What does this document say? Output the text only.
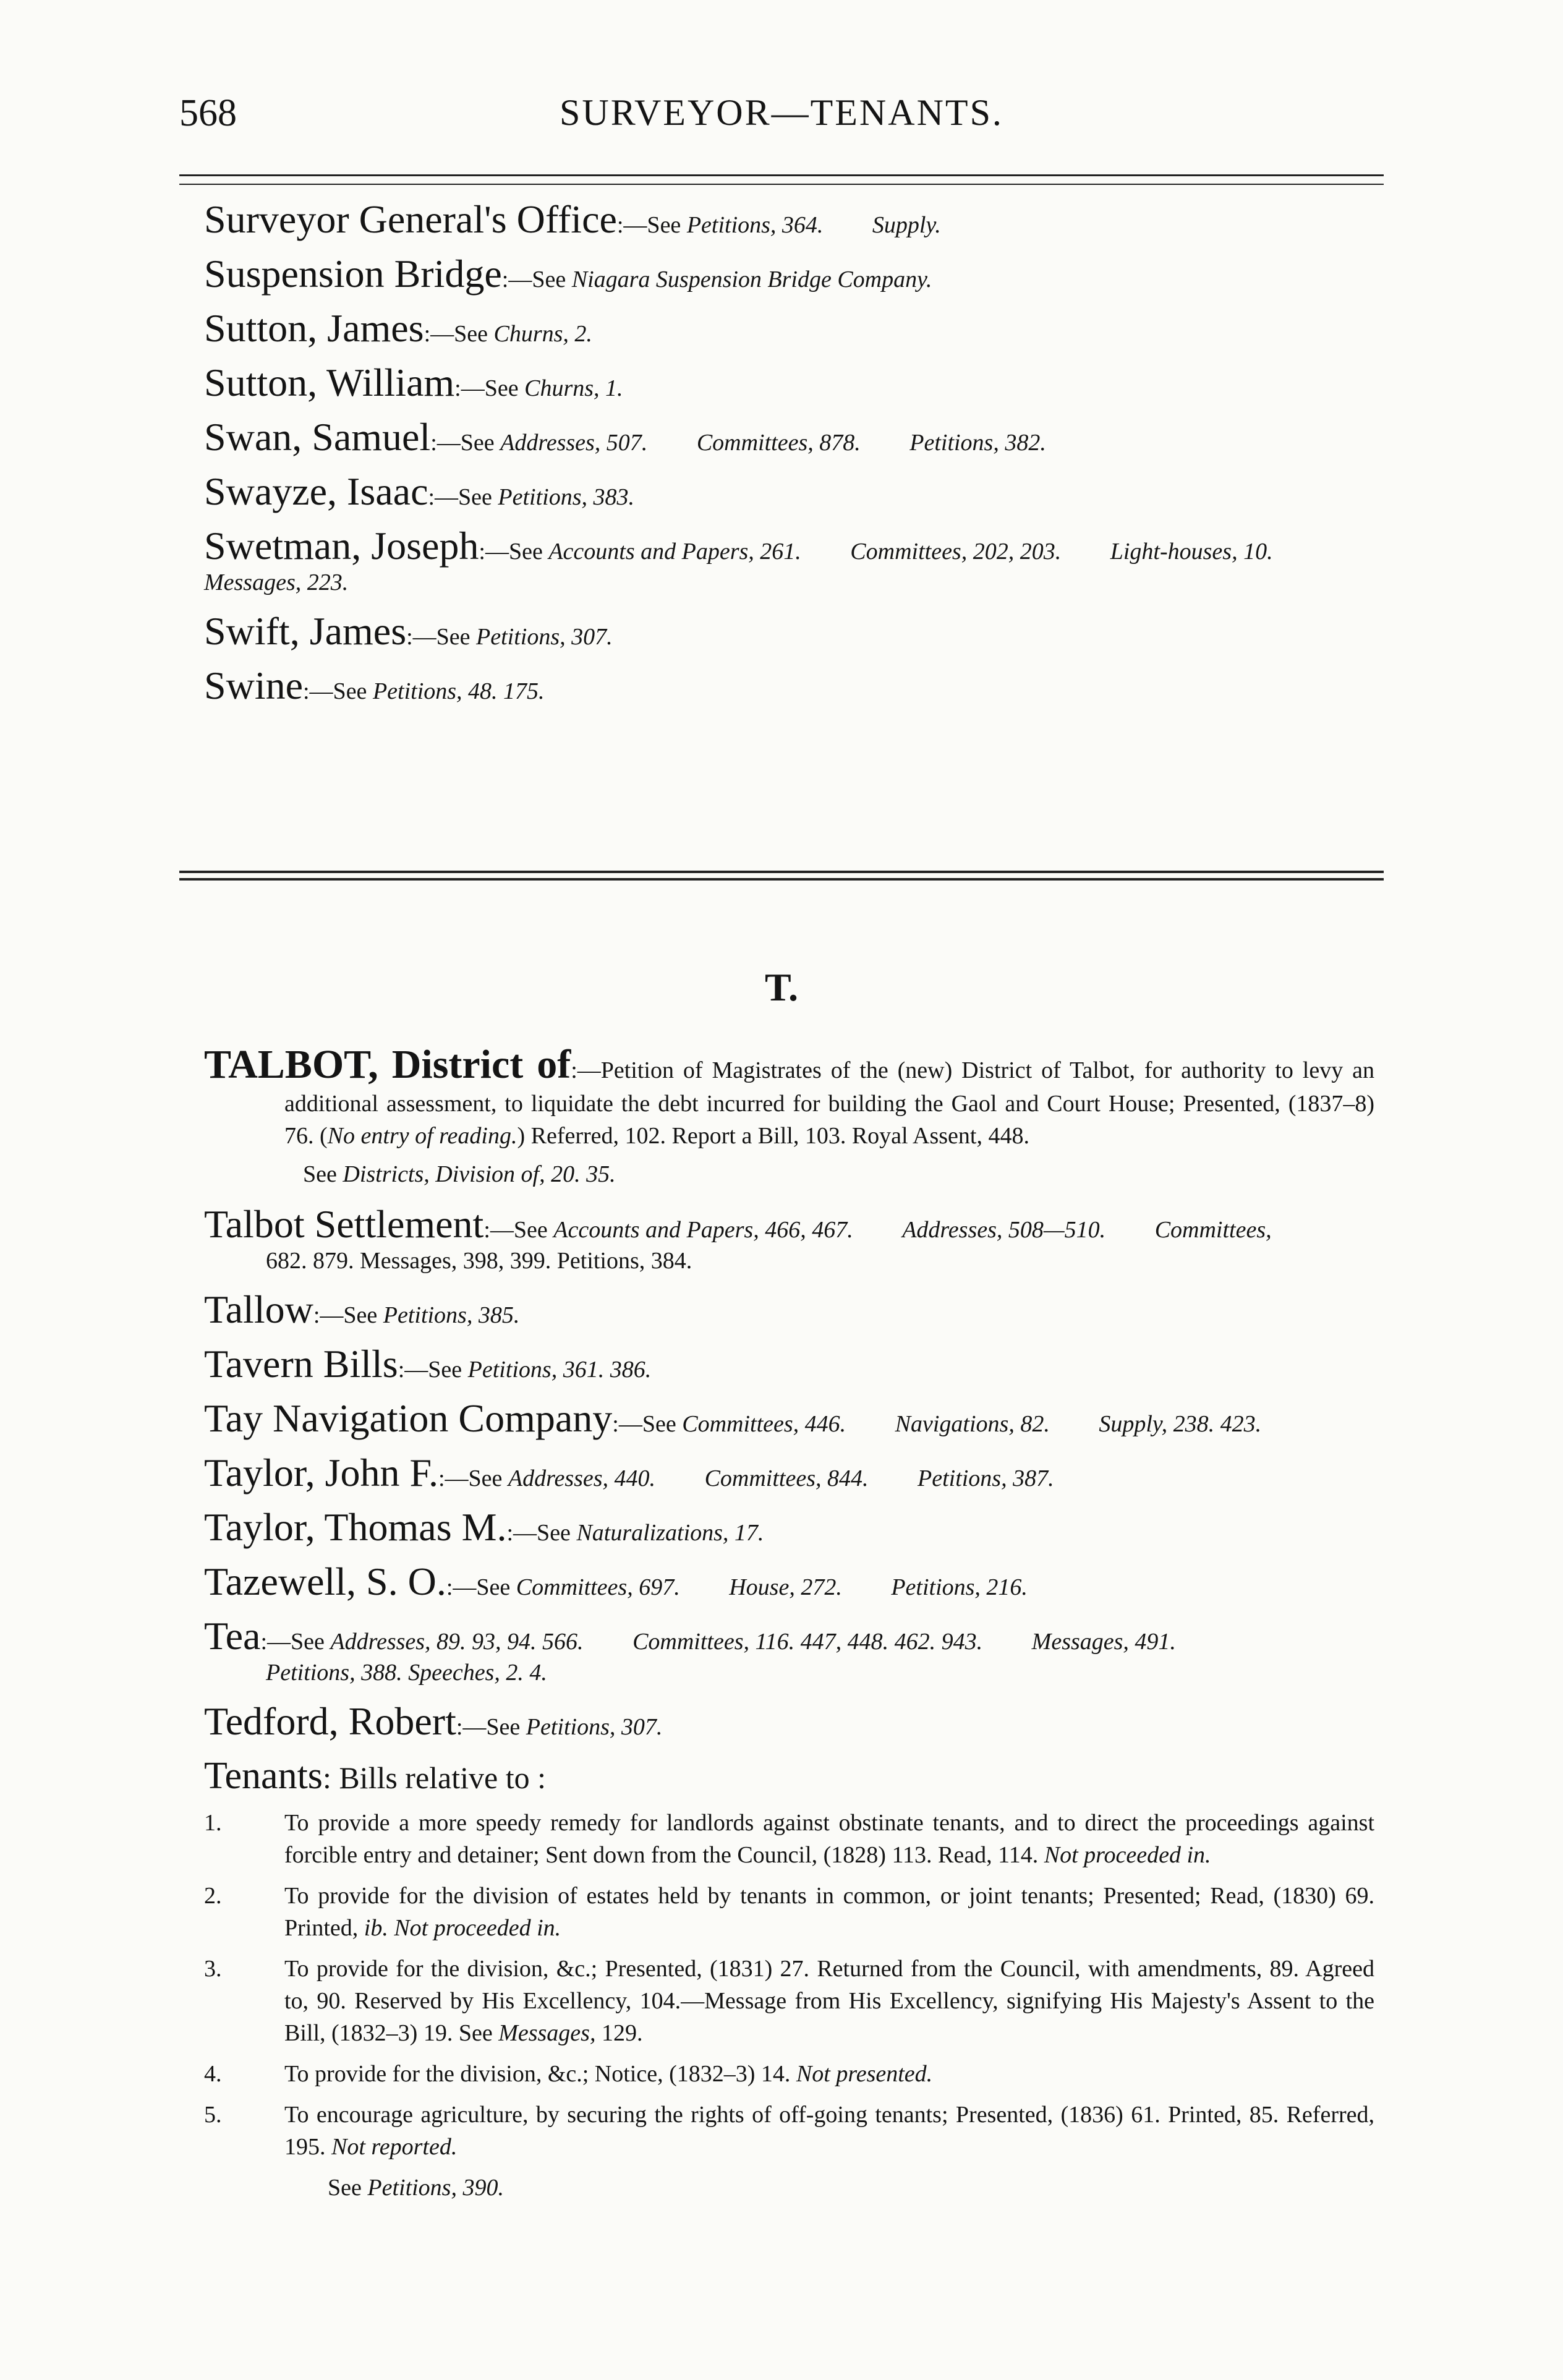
568	SURVEYOR—TENANTS.
Surveyor General's Office:—See Petitions, 364. Supply.
Suspension Bridge:—See Niagara Suspension Bridge Company.
Sutton, James:—See Churns, 2.
Sutton, William:—See Churns, 1.
Swan, Samuel:—See Addresses, 507. Committees, 878. Petitions, 382.
Swayze, Isaac:—See Petitions, 383.
Swetman, Joseph:—See Accounts and Papers, 261. Committees, 202, 203. Light-houses, 10.
Messages, 223.
Swift, James:—See Petitions, 307.
Swine:—See Petitions, 48. 175.
T.
TALBOT, District of:—Petition of Magistrates of the (new) District of Talbot, for authority to levy an additional assessment, to liquidate the debt incurred for building the Gaol and Court House; Presented, (1837–8) 76. (No entry of reading.) Referred, 102. Report a Bill, 103. Royal Assent, 448.
See Districts, Division of, 20. 35.
Talbot Settlement:—See Accounts and Papers, 466, 467. Addresses, 508—510. Committees,
682. 879. Messages, 398, 399. Petitions, 384.
Tallow:—See Petitions, 385.
Tavern Bills:—See Petitions, 361. 386.
Tay Navigation Company:—See Committees, 446. Navigations, 82. Supply, 238. 423.
Taylor, John F.:—See Addresses, 440. Committees, 844. Petitions, 387.
Taylor, Thomas M.:—See Naturalizations, 17.
Tazewell, S. O.:—See Committees, 697. House, 272. Petitions, 216.
Tea:—See Addresses, 89. 93, 94. 566. Committees, 116. 447, 448. 462. 943. Messages, 491.
Petitions, 388. Speeches, 2. 4.
Tedford, Robert:—See Petitions, 307.
Tenants: Bills relative to :
1.	To provide a more speedy remedy for landlords against obstinate tenants, and to direct the proceedings against forcible entry and detainer; Sent down from the Council, (1828) 113. Read, 114. Not proceeded in.
2.	To provide for the division of estates held by tenants in common, or joint tenants; Presented; Read, (1830) 69. Printed, ib. Not proceeded in.
3.	To provide for the division, &c.; Presented, (1831) 27. Returned from the Council, with amendments, 89. Agreed to, 90. Reserved by His Excellency, 104.—Message from His Excellency, signifying His Majesty's Assent to the Bill, (1832–3) 19. See Messages, 129.
4.	To provide for the division, &c.; Notice, (1832–3) 14. Not presented.
5.	To encourage agriculture, by securing the rights of off-going tenants; Presented, (1836) 61. Printed, 85. Referred, 195. Not reported.
See Petitions, 390.
